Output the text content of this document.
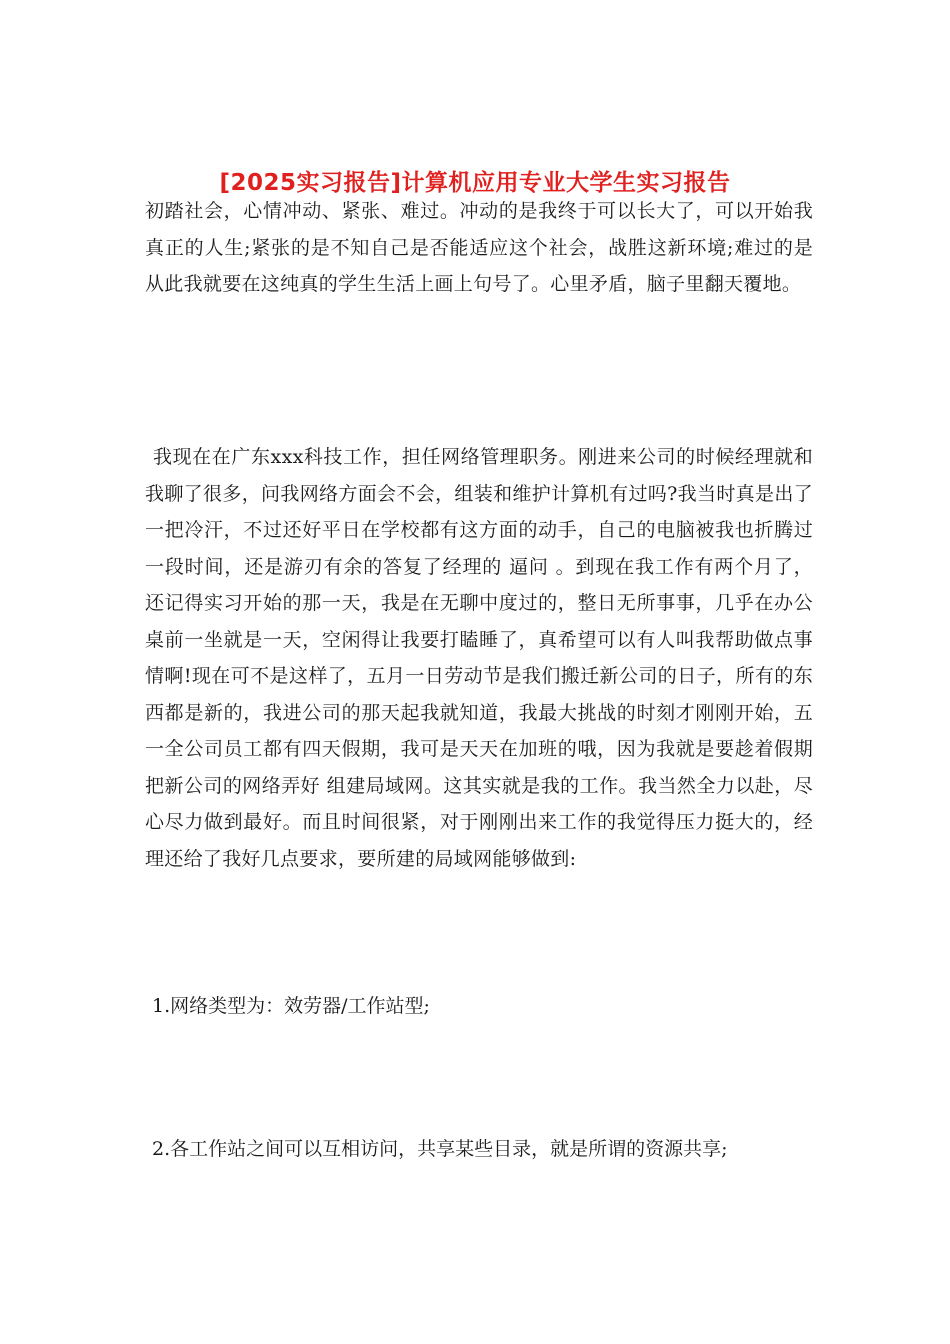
[2025实习报告]计算机应用专业大学生实习报告

初踏社会，心情冲动、紧张、难过。冲动的是我终于可以长大了，可以开始我真正的人生;紧张的是不知自己是否能适应这个社会，战胜这新环境;难过的是从此我就要在这纯真的学生生活上画上句号了。心里矛盾，脑子里翻天覆地。

我现在在广东xxx科技工作，担任网络管理职务。刚进来公司的时候经理就和我聊了很多，问我网络方面会不会，组装和维护计算机有过吗?我当时真是出了一把冷汗，不过还好平日在学校都有这方面的动手，自己的电脑被我也折腾过一段时间，还是游刃有余的答复了经理的 逼问 。到现在我工作有两个月了，还记得实习开始的那一天，我是在无聊中度过的，整日无所事事，几乎在办公桌前一坐就是一天，空闲得让我要打瞌睡了，真希望可以有人叫我帮助做点事情啊!现在可不是这样了，五月一日劳动节是我们搬迁新公司的日子，所有的东西都是新的，我进公司的那天起我就知道，我最大挑战的时刻才刚刚开始，五一全公司员工都有四天假期，我可是天天在加班的哦，因为我就是要趁着假期把新公司的网络弄好 组建局域网。这其实就是我的工作。我当然全力以赴，尽心尽力做到最好。而且时间很紧，对于刚刚出来工作的我觉得压力挺大的，经理还给了我好几点要求，要所建的局域网能够做到:

1.网络类型为：效劳器/工作站型;

2.各工作站之间可以互相访问，共享某些目录，就是所谓的资源共享;
